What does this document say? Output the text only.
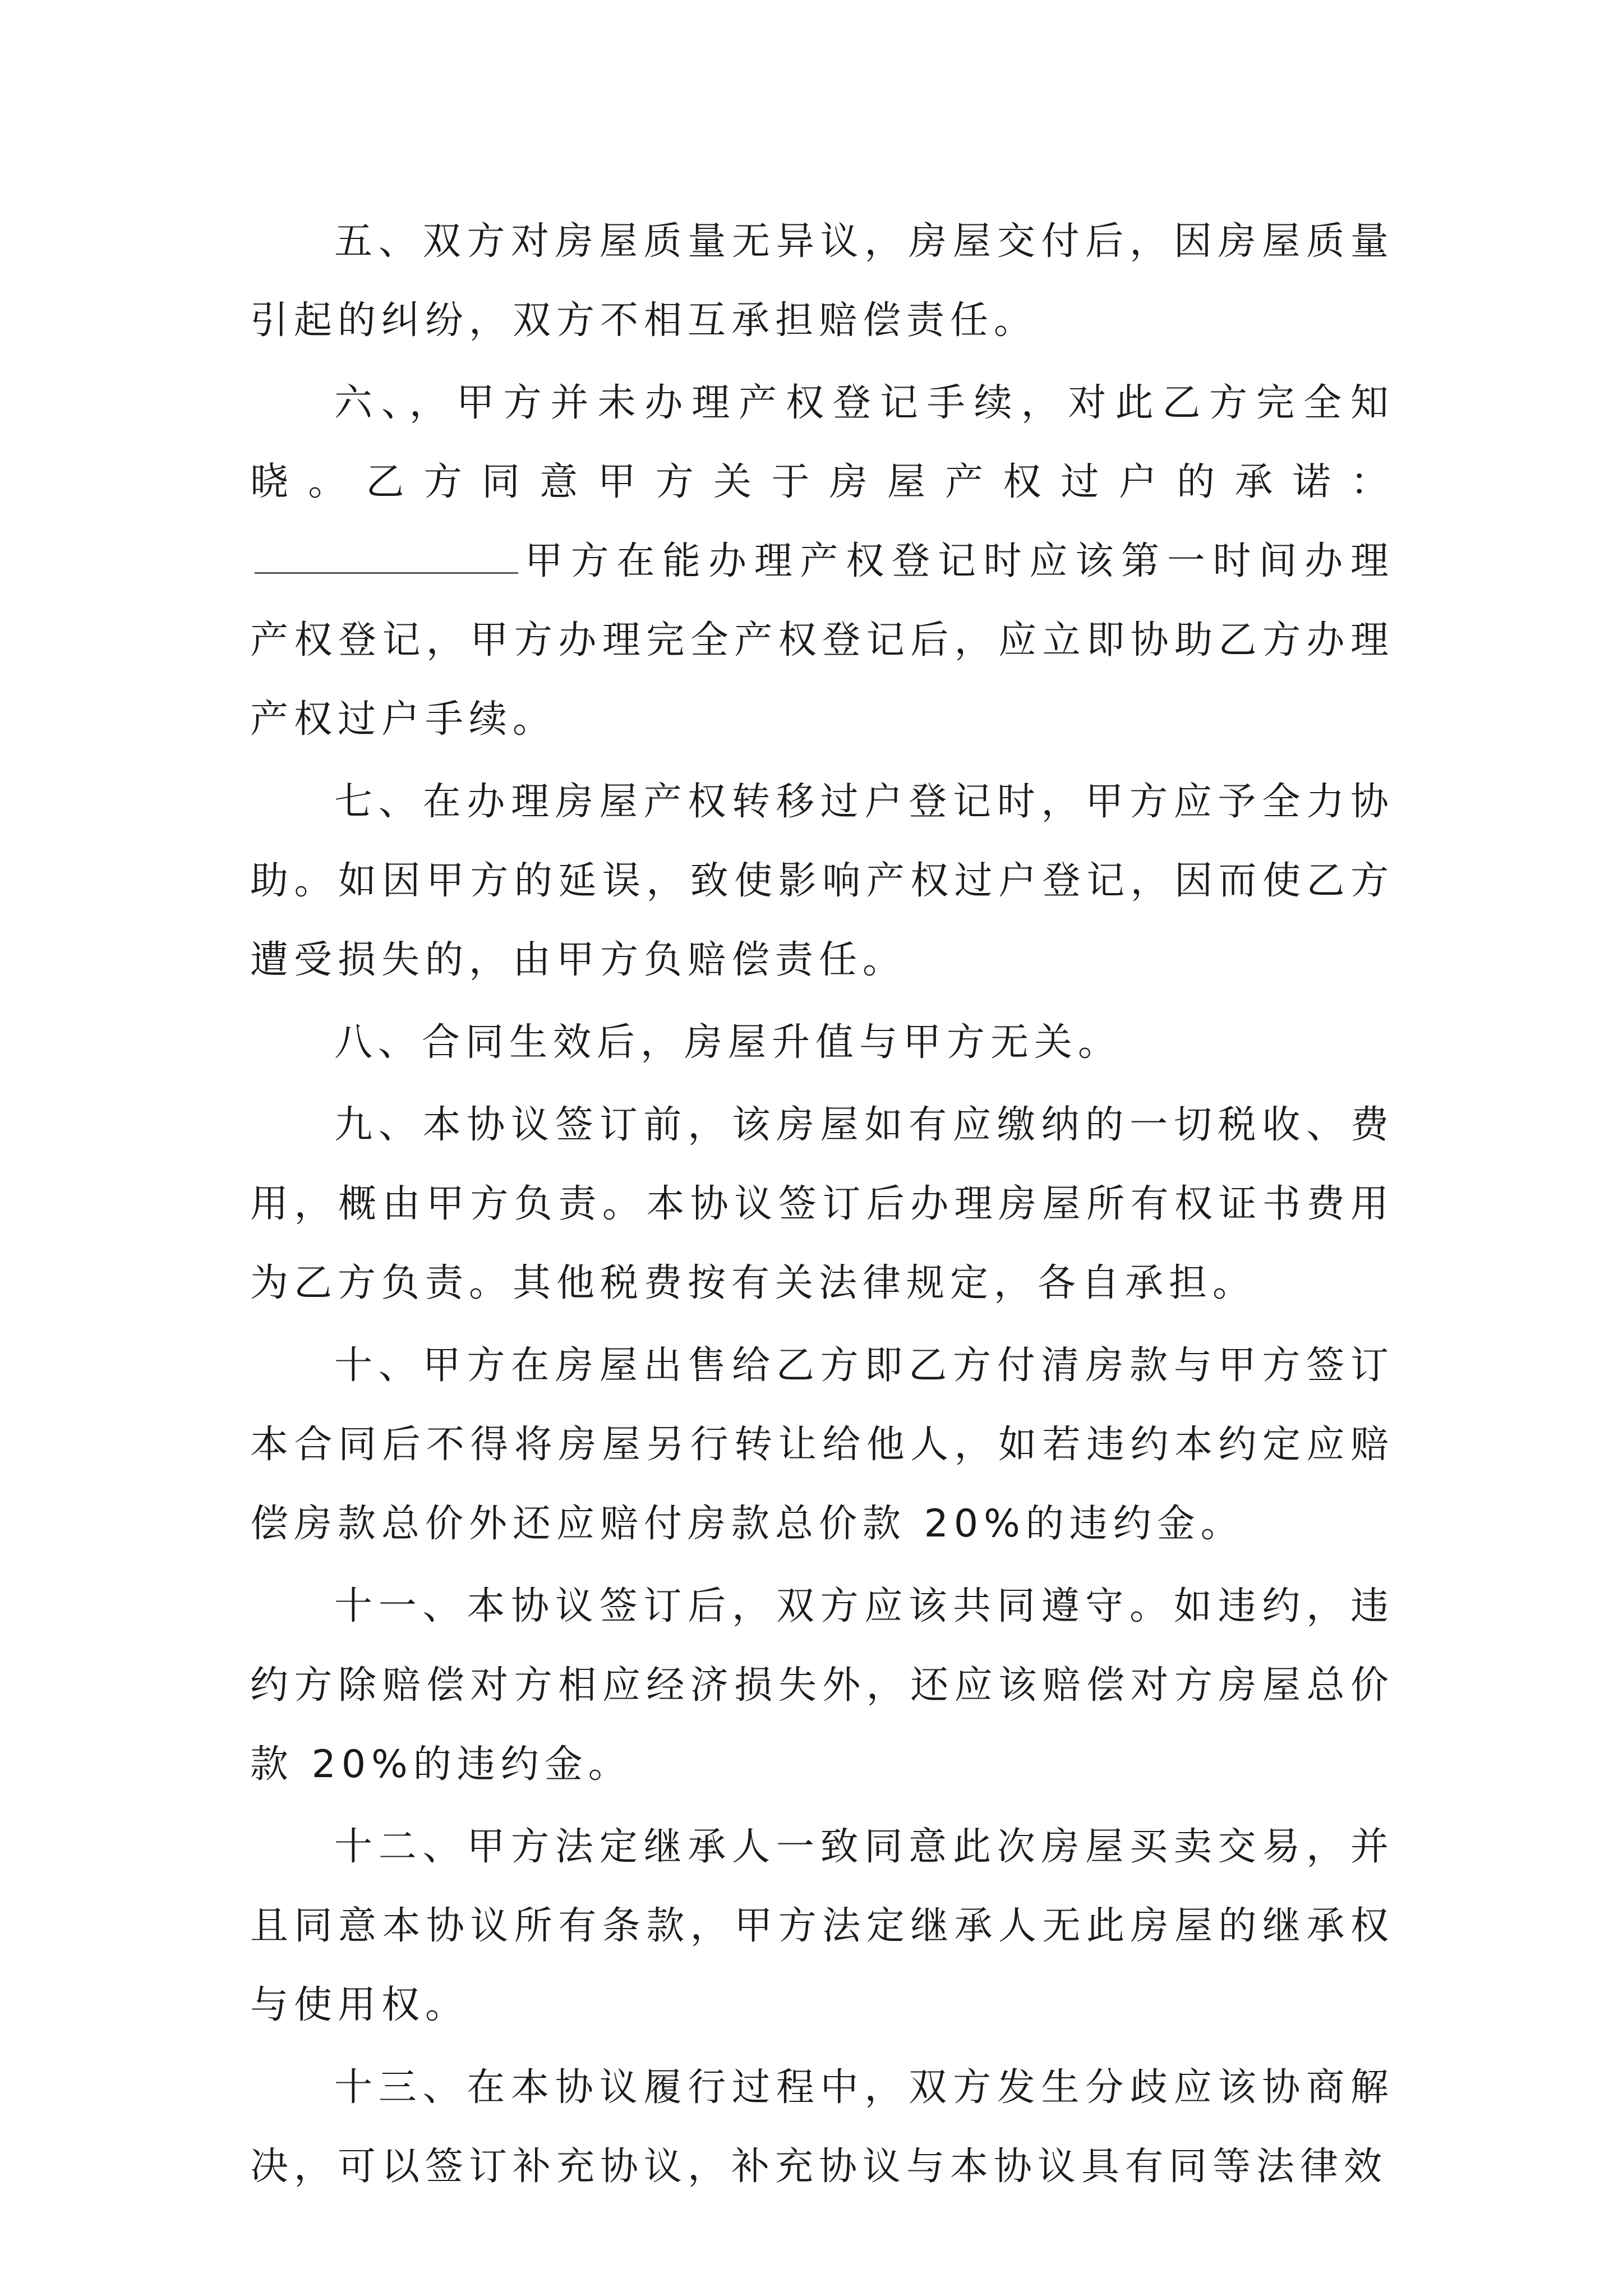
五、双方对房屋质量无异议，房屋交付后，因房屋质量引起的纠纷，双方不相互承担赔偿责任。

六、，甲方并未办理产权登记手续，对此乙方完全知晓。乙方同意甲方关于房屋产权过户的承诺：甲方在能办理产权登记时应该第一时间办理产权登记，甲方办理完全产权登记后，应立即协助乙方办理产权过户手续。

七、在办理房屋产权转移过户登记时，甲方应予全力协助。如因甲方的延误，致使影响产权过户登记，因而使乙方遭受损失的，由甲方负赔偿责任。

八、合同生效后，房屋升值与甲方无关。

九、本协议签订前，该房屋如有应缴纳的一切税收、费用，概由甲方负责。本协议签订后办理房屋所有权证书费用为乙方负责。其他税费按有关法律规定，各自承担。

十、甲方在房屋出售给乙方即乙方付清房款与甲方签订本合同后不得将房屋另行转让给他人，如若违约本约定应赔偿房款总价外还应赔付房款总价款 20%的违约金。

十一、本协议签订后，双方应该共同遵守。如违约，违约方除赔偿对方相应经济损失外，还应该赔偿对方房屋总价款 20%的违约金。

十二、甲方法定继承人一致同意此次房屋买卖交易，并且同意本协议所有条款，甲方法定继承人无此房屋的继承权与使用权。

十三、在本协议履行过程中，双方发生分歧应该协商解决，可以签订补充协议，补充协议与本协议具有同等法律效
